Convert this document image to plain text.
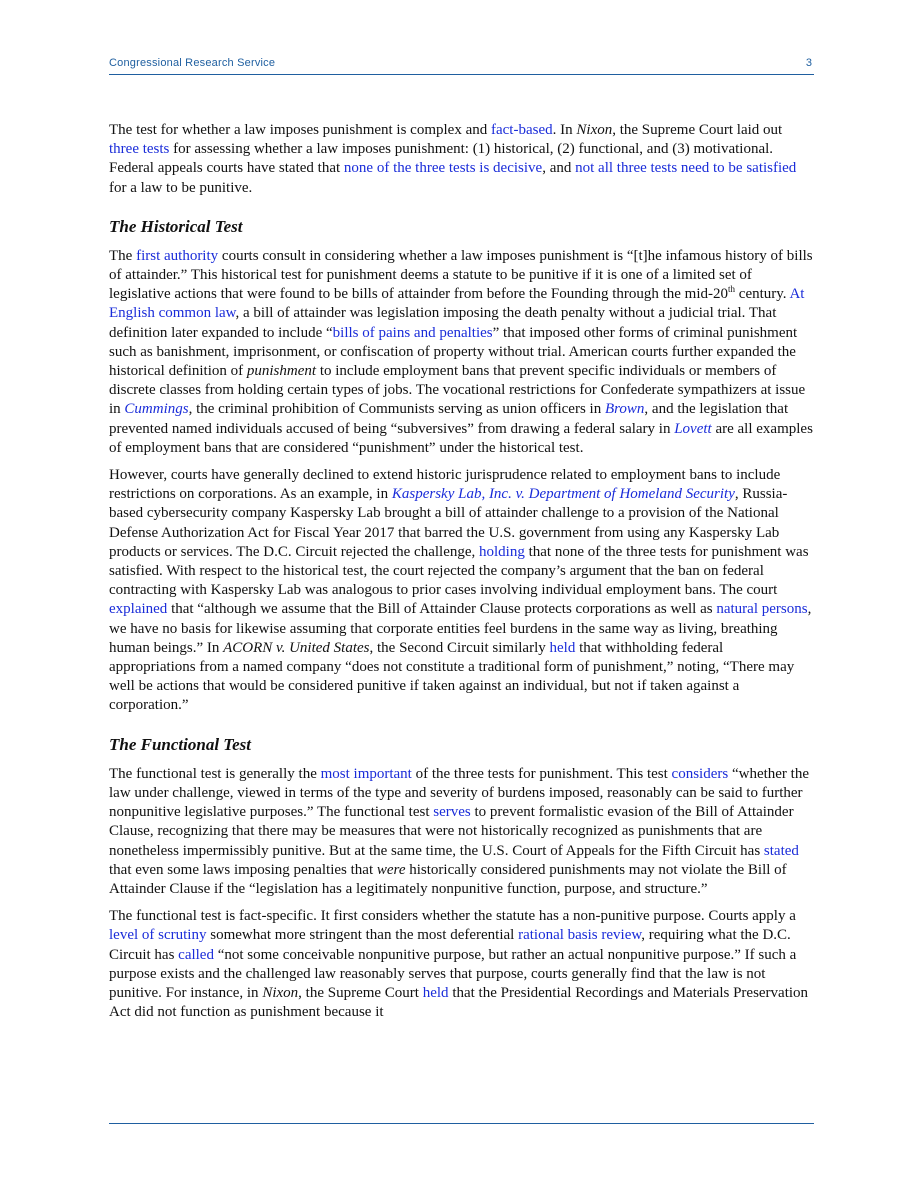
Congressional Research Service	3

The test for whether a law imposes punishment is complex and fact-based. In Nixon, the Supreme Court laid out three tests for assessing whether a law imposes punishment: (1) historical, (2) functional, and (3) motivational. Federal appeals courts have stated that none of the three tests is decisive, and not all three tests need to be satisfied for a law to be punitive.

The Historical Test

The first authority courts consult in considering whether a law imposes punishment is “[t]he infamous history of bills of attainder.” This historical test for punishment deems a statute to be punitive if it is one of a limited set of legislative actions that were found to be bills of attainder from before the Founding through the mid-20th century. At English common law, a bill of attainder was legislation imposing the death penalty without a judicial trial. That definition later expanded to include “bills of pains and penalties” that imposed other forms of criminal punishment such as banishment, imprisonment, or confiscation of property without trial. American courts further expanded the historical definition of punishment to include employment bans that prevent specific individuals or members of discrete classes from holding certain types of jobs. The vocational restrictions for Confederate sympathizers at issue in Cummings, the criminal prohibition of Communists serving as union officers in Brown, and the legislation that prevented named individuals accused of being “subversives” from drawing a federal salary in Lovett are all examples of employment bans that are considered “punishment” under the historical test.

However, courts have generally declined to extend historic jurisprudence related to employment bans to include restrictions on corporations. As an example, in Kaspersky Lab, Inc. v. Department of Homeland Security, Russia-based cybersecurity company Kaspersky Lab brought a bill of attainder challenge to a provision of the National Defense Authorization Act for Fiscal Year 2017 that barred the U.S. government from using any Kaspersky Lab products or services. The D.C. Circuit rejected the challenge, holding that none of the three tests for punishment was satisfied. With respect to the historical test, the court rejected the company’s argument that the ban on federal contracting with Kaspersky Lab was analogous to prior cases involving individual employment bans. The court explained that “although we assume that the Bill of Attainder Clause protects corporations as well as natural persons, we have no basis for likewise assuming that corporate entities feel burdens in the same way as living, breathing human beings.” In ACORN v. United States, the Second Circuit similarly held that withholding federal appropriations from a named company “does not constitute a traditional form of punishment,” noting, “There may well be actions that would be considered punitive if taken against an individual, but not if taken against a corporation.”

The Functional Test

The functional test is generally the most important of the three tests for punishment. This test considers “whether the law under challenge, viewed in terms of the type and severity of burdens imposed, reasonably can be said to further nonpunitive legislative purposes.” The functional test serves to prevent formalistic evasion of the Bill of Attainder Clause, recognizing that there may be measures that were not historically recognized as punishments that are nonetheless impermissibly punitive. But at the same time, the U.S. Court of Appeals for the Fifth Circuit has stated that even some laws imposing penalties that were historically considered punishments may not violate the Bill of Attainder Clause if the “legislation has a legitimately nonpunitive function, purpose, and structure.”

The functional test is fact-specific. It first considers whether the statute has a non-punitive purpose. Courts apply a level of scrutiny somewhat more stringent than the most deferential rational basis review, requiring what the D.C. Circuit has called “not some conceivable nonpunitive purpose, but rather an actual nonpunitive purpose.” If such a purpose exists and the challenged law reasonably serves that purpose, courts generally find that the law is not punitive. For instance, in Nixon, the Supreme Court held that the Presidential Recordings and Materials Preservation Act did not function as punishment because it
